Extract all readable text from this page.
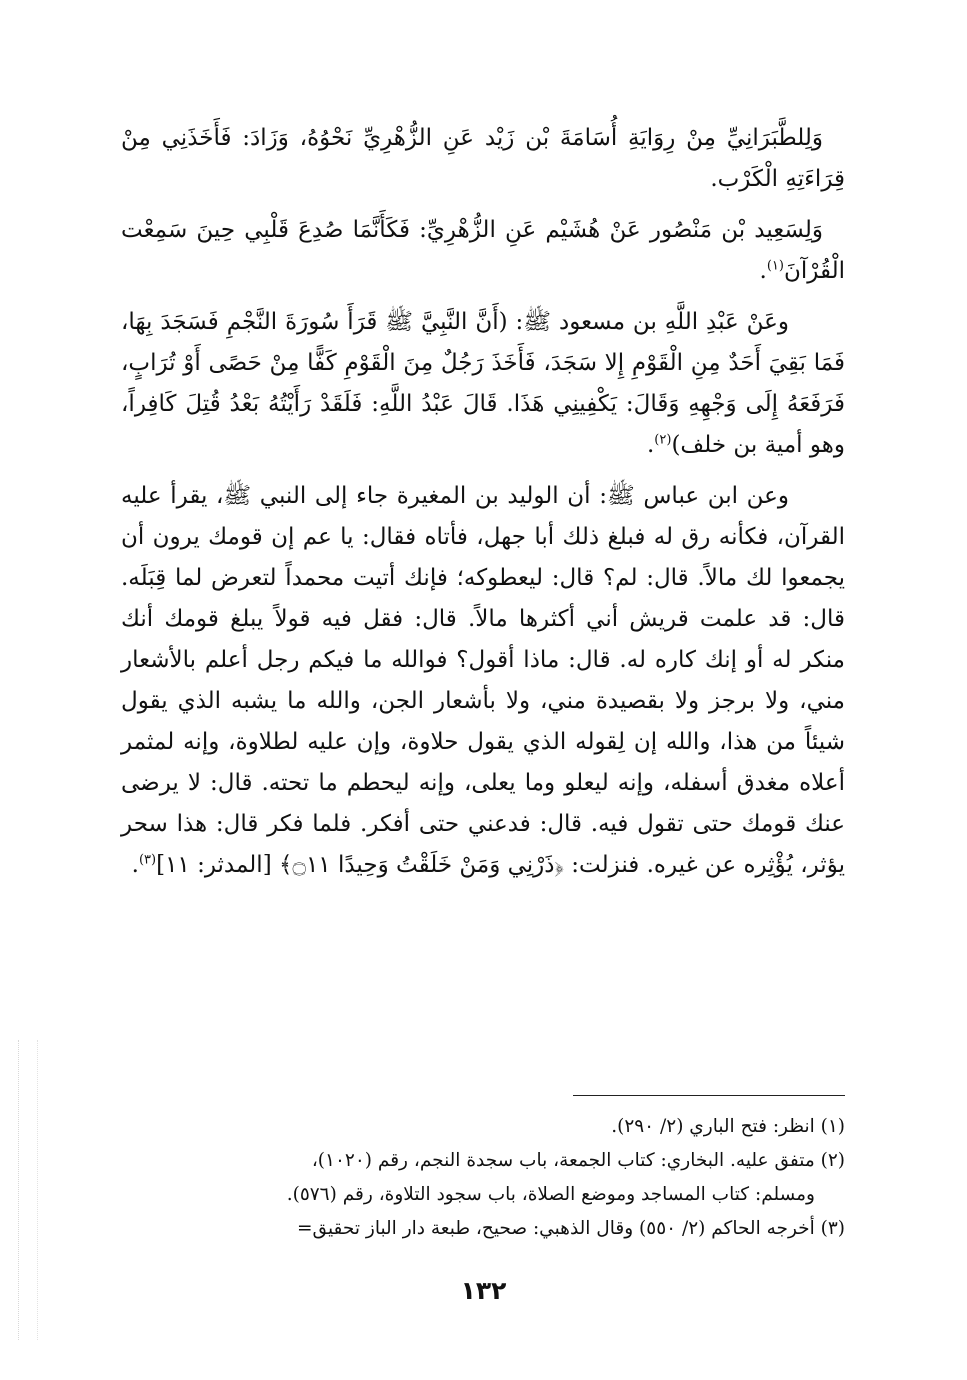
وَلِلطَّبَرَانِيِّ مِنْ رِوَايَةِ أُسَامَةَ بْن زَيْد عَنِ الزُّهْرِيِّ نَحْوُهُ، وَزَادَ: فَأَخَذَنِي مِنْ قِرَاءَتِهِ الْكَرْب.

وَلِسَعِيد بْن مَنْصُور عَنْ هُشَيْم عَنِ الزُّهْرِيِّ: فَكَأَنَّمَا صُدِعَ قَلْبِي حِينَ سَمِعْت الْقُرْآنَ$^{(١)}$.

وعَنْ عَبْدِ اللَّهِ بن مسعود ﷺ: (أَنَّ النَّبِيَّ ﷺ قَرَأَ سُورَةَ النَّجْمِ فَسَجَدَ بِهَا، فَمَا بَقِيَ أَحَدٌ مِنِ الْقَوْمِ إِلا سَجَدَ، فَأَخَذَ رَجُلٌ مِنَ الْقَوْمِ كَفًّا مِنْ حَصًى أَوْ تُرَابٍ، فَرَفَعَهُ إِلَى وَجْهِهِ وَقَالَ: يَكْفِينِي هَذَا. قَالَ عَبْدُ اللَّهِ: فَلَقَدْ رَأَيْتُهُ بَعْدُ قُتِلَ كَافِراً، وهو أمية بن خلف)$^{(٢)}$.

وعن ابن عباس ﷺ: أن الوليد بن المغيرة جاء إلى النبي ﷺ، يقرأ عليه القرآن، فكأنه رق له فبلغ ذلك أبا جهل، فأتاه فقال: يا عم إن قومك يرون أن يجمعوا لك مالاً. قال: لم؟ قال: ليعطوكه؛ فإنك أتيت محمداً لتعرض لما قِبَلَه. قال: قد علمت قريش أني أكثرها مالاً. قال: فقل فيه قولاً يبلغ قومك أنك منكر له أو إنك كاره له. قال: ماذا أقول؟ فوالله ما فيكم رجل أعلم بالأشعار مني، ولا برجز ولا بقصيدة مني، ولا بأشعار الجن، والله ما يشبه الذي يقول شيئاً من هذا، والله إن لِقوله الذي يقول حلاوة، وإن عليه لطلاوة، وإنه لمثمر أعلاه مغدق أسفله، وإنه ليعلو وما يعلى، وإنه ليحطم ما تحته. قال: لا يرضى عنك قومك حتى تقول فيه. قال: فدعني حتى أفكر. فلما فكر قال: هذا سحر يؤثر، يُؤْثِره عن غيره. فنزلت: ﴿ذَرْنِي وَمَنْ خَلَقْتُ وَحِيدًا ۝١١﴾ [المدثر: ١١]$^{(٣)}$.

(١) انظر: فتح الباري (٢/ ٢٩٠).

(٢) متفق عليه. البخاري: كتاب الجمعة، باب سجدة النجم، رقم (١٠٢٠)،

ومسلم: كتاب المساجد وموضع الصلاة، باب سجود التلاوة، رقم (٥٧٦).

(٣) أخرجه الحاكم (٢/ ٥٥٠) وقال الذهبي: صحيح، طبعة دار الباز تحقيق=

١٣٢
